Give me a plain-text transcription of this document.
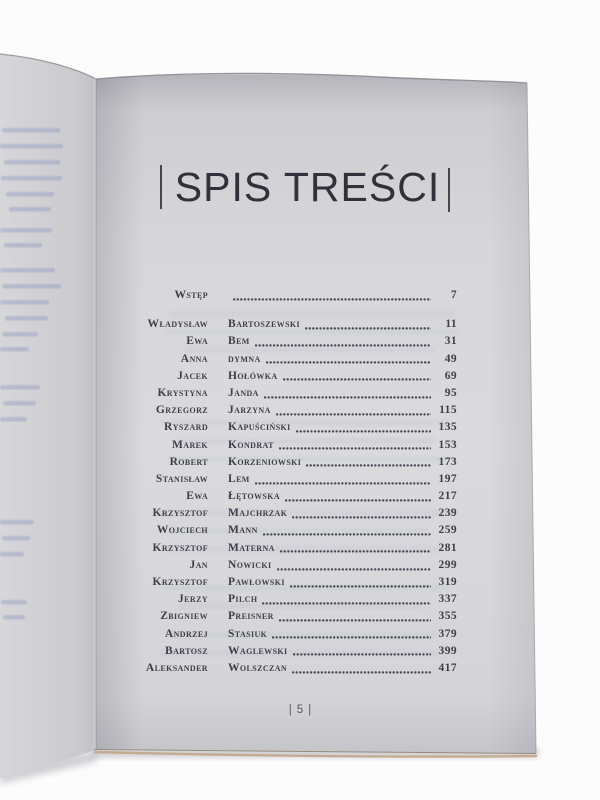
SPIS TREŚCI
Wstęp	7
Władysław Bartoszewski	11
Ewa Bem	31
Anna dymna	49
Jacek Hołówka	69
Krystyna Janda	95
Grzegorz Jarzyna	115
Ryszard Kapuściński	135
Marek Kondrat	153
Robert Korzeniowski	173
Stanisław Lem	197
Ewa Łętowska	217
Krzysztof Majchrzak	239
Wojciech Mann	259
Krzysztof Materna	281
Jan Nowicki	299
Krzysztof Pawłowski	319
Jerzy Pilch	337
Zbigniew Preisner	355
Andrzej Stasiuk	379
Bartosz Waglewski	399
Aleksander Wolszczan	417
| 5 |
